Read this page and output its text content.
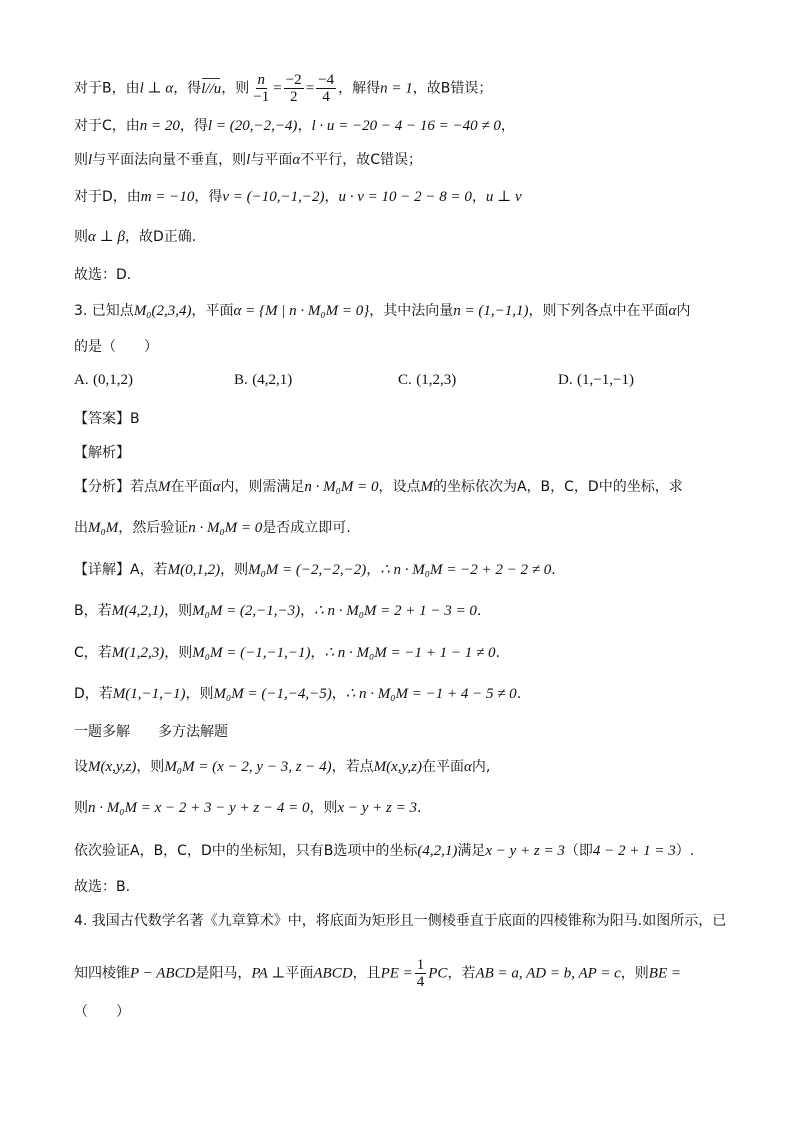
对于B，由l ⊥ α，得l//u，则 $\frac{n}{-1} = \frac{-2}{2} = \frac{-4}{4}$ ，解得n = 1，故B错误；
对于C，由n = 20，得l = (20,−2,−4)，l · u = −20 − 4 − 16 = −40 ≠ 0，
则l与平面法向量不垂直，则l与平面α不平行，故C错误；
对于D，由m = −10，得v = (−10,−1,−2)，u · v = 10 − 2 − 8 = 0，u ⊥ v
则α ⊥ β，故D正确.
故选：D．
3. 已知点M₀(2,3,4)，平面α = {M | n · M₀M = 0}，其中法向量n = (1,−1,1)，则下列各点中在平面α内
的是（　　）
A. (0,1,2)	B. (4,2,1)	C. (1,2,3)	D. (1,−1,−1)
【答案】B
【解析】
【分析】若点M在平面α内，则需满足n · M₀M = 0，设点M的坐标依次为A，B，C，D中的坐标，求
出M₀M，然后验证n · M₀M = 0是否成立即可.
【详解】A，若M(0,1,2)，则M₀M = (−2,−2,−2)，∴ n · M₀M = −2 + 2 − 2 ≠ 0.
B，若M(4,2,1)，则M₀M = (2,−1,−3)，∴ n · M₀M = 2 + 1 − 3 = 0.
C，若M(1,2,3)，则M₀M = (−1,−1,−1)，∴ n · M₀M = −1 + 1 − 1 ≠ 0.
D，若M(1,−1,−1)，则M₀M = (−1,−4,−5)，∴ n · M₀M = −1 + 4 − 5 ≠ 0.
一题多解　　多方法解题
设M(x,y,z)，则M₀M = (x − 2, y − 3, z − 4)，若点M(x,y,z)在平面α内,
则n · M₀M = x − 2 + 3 − y + z − 4 = 0，则x − y + z = 3.
依次验证A，B，C，D中的坐标知，只有B选项中的坐标(4,2,1)满足x − y + z = 3（即4 − 2 + 1 = 3）.
故选：B.
4. 我国古代数学名著《九章算术》中，将底面为矩形且一侧棱垂直于底面的四棱锥称为阳马.如图所示，已
知四棱锥P − ABCD是阳马，PA ⊥平面ABCD，且PE = $\frac{1}{4}$ PC，若AB = a, AD = b, AP = c，则BE =
（　　）
